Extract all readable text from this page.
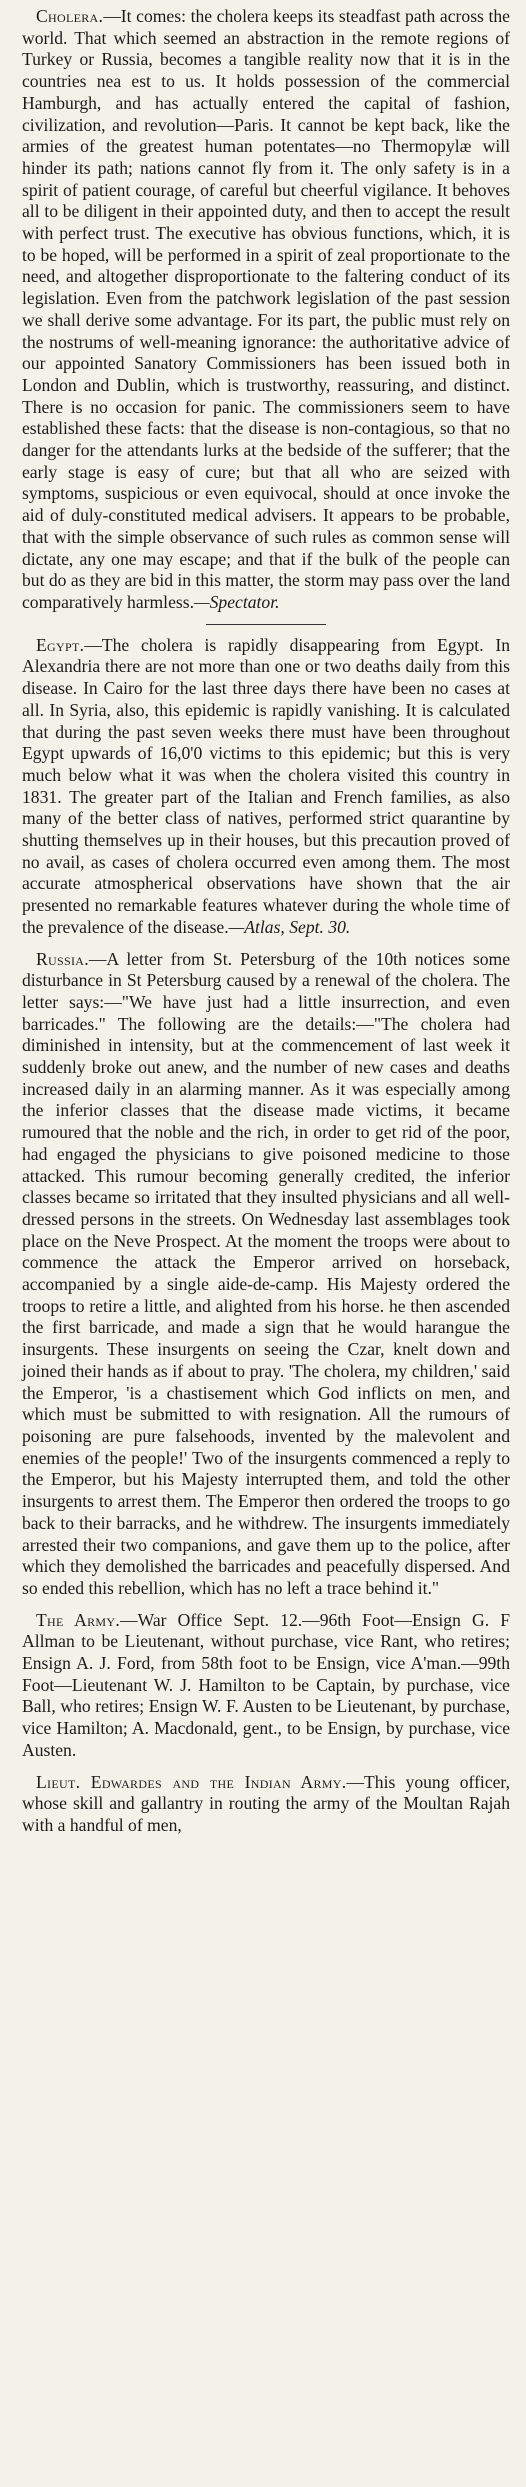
Cholera.—It comes: the cholera keeps its steadfast path across the world. That which seemed an abstraction in the remote regions of Turkey or Russia, becomes a tangible reality now that it is in the countries nea est to us. It holds possession of the commercial Hamburgh, and has actually entered the capital of fashion, civilization, and revolution—Paris. It cannot be kept back, like the armies of the greatest human potentates—no Thermopylæ will hinder its path; nations cannot fly from it. The only safety is in a spirit of patient courage, of careful but cheerful vigilance. It behoves all to be diligent in their appointed duty, and then to accept the result with perfect trust. The executive has obvious functions, which, it is to be hoped, will be performed in a spirit of zeal proportionate to the need, and altogether disproportionate to the faltering conduct of its legislation. Even from the patchwork legislation of the past session we shall derive some advantage. For its part, the public must rely on the nostrums of well-meaning ignorance: the authoritative advice of our appointed Sanatory Commissioners has been issued both in London and Dublin, which is trustworthy, reassuring, and distinct. There is no occasion for panic. The commissioners seem to have established these facts: that the disease is non-contagious, so that no danger for the attendants lurks at the bedside of the sufferer; that the early stage is easy of cure; but that all who are seized with symptoms, suspicious or even equivocal, should at once invoke the aid of duly-constituted medical advisers. It appears to be probable, that with the simple observance of such rules as common sense will dictate, any one may escape; and that if the bulk of the people can but do as they are bid in this matter, the storm may pass over the land comparatively harmless.—Spectator.

Egypt.—The cholera is rapidly disappearing from Egypt. In Alexandria there are not more than one or two deaths daily from this disease. In Cairo for the last three days there have been no cases at all. In Syria, also, this epidemic is rapidly vanishing. It is calculated that during the past seven weeks there must have been throughout Egypt upwards of 16,0'0 victims to this epidemic; but this is very much below what it was when the cholera visited this country in 1831. The greater part of the Italian and French families, as also many of the better class of natives, performed strict quarantine by shutting themselves up in their houses, but this precaution proved of no avail, as cases of cholera occurred even among them. The most accurate atmospherical observations have shown that the air presented no remarkable features whatever during the whole time of the prevalence of the disease.—Atlas, Sept. 30.

Russia.—A letter from St. Petersburg of the 10th notices some disturbance in St Petersburg caused by a renewal of the cholera. The letter says:—"We have just had a little insurrection, and even barricades." The following are the details:—"The cholera had diminished in intensity, but at the commencement of last week it suddenly broke out anew, and the number of new cases and deaths increased daily in an alarming manner. As it was especially among the inferior classes that the disease made victims, it became rumoured that the noble and the rich, in order to get rid of the poor, had engaged the physicians to give poisoned medicine to those attacked. This rumour becoming generally credited, the inferior classes became so irritated that they insulted physicians and all well-dressed persons in the streets. On Wednesday last assemblages took place on the Neve Prospect. At the moment the troops were about to commence the attack the Emperor arrived on horseback, accompanied by a single aide-de-camp. His Majesty ordered the troops to retire a little, and alighted from his horse. he then ascended the first barricade, and made a sign that he would harangue the insurgents. These insurgents on seeing the Czar, knelt down and joined their hands as if about to pray. 'The cholera, my children,' said the Emperor, 'is a chastisement which God inflicts on men, and which must be submitted to with resignation. All the rumours of poisoning are pure falsehoods, invented by the malevolent and enemies of the people!' Two of the insurgents commenced a reply to the Emperor, but his Majesty interrupted them, and told the other insurgents to arrest them. The Emperor then ordered the troops to go back to their barracks, and he withdrew. The insurgents immediately arrested their two companions, and gave them up to the police, after which they demolished the barricades and peacefully dispersed. And so ended this rebellion, which has no left a trace behind it."

The Army.—War Office Sept. 12.—96th Foot—Ensign G. F Allman to be Lieutenant, without purchase, vice Rant, who retires; Ensign A. J. Ford, from 58th foot to be Ensign, vice A'man.—99th Foot—Lieutenant W. J. Hamilton to be Captain, by purchase, vice Ball, who retires; Ensign W. F. Austen to be Lieutenant, by purchase, vice Hamilton; A. Macdonald, gent., to be Ensign, by purchase, vice Austen.

Lieut. Edwardes and the Indian Army.—This young officer, whose skill and gallantry in routing the army of the Moultan Rajah with a handful of men,
